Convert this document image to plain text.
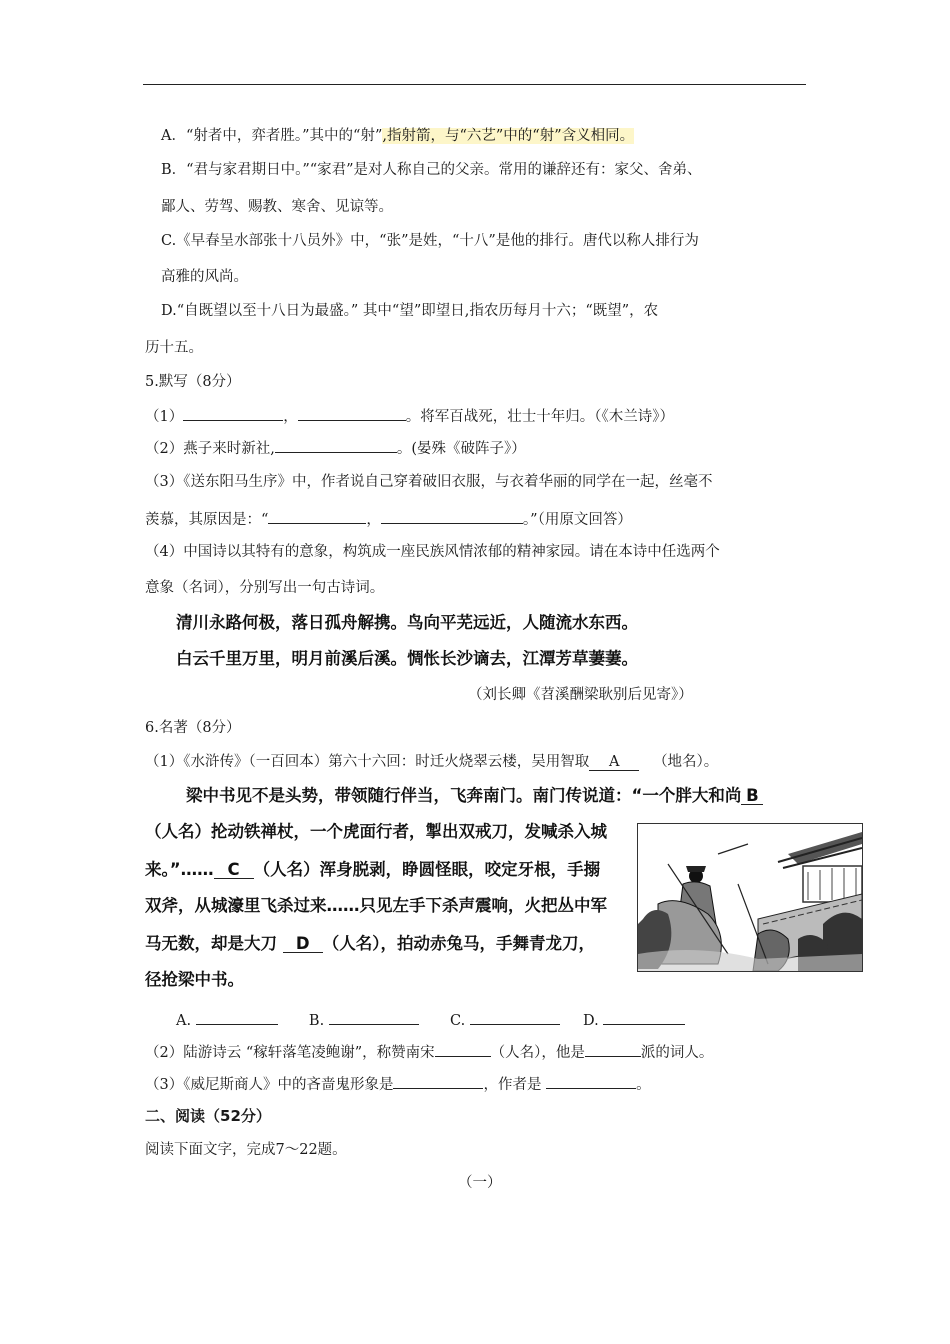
A．“射者中，弈者胜。”其中的“射”,指射箭，与“六艺”中的“射”含义相同。
B．“君与家君期日中。”“家君”是对人称自己的父亲。常用的谦辞还有：家父、舍弟、
鄙人、劳驾、赐教、寒舍、见谅等。
C.《早春呈水部张十八员外》中，“张”是姓，“十八”是他的排行。唐代以称人排行为
高雅的风尚。
D.“自既望以至十八日为最盛。” 其中“望”即望日,指农历每月十六；“既望”，农
历十五。
5.默写（8分）
（1）	，	。将军百战死，壮士十年归。（《木兰诗》）
（2）燕子来时新社,	。(晏殊《破阵子》）
（3）《送东阳马生序》中，作者说自己穿着破旧衣服，与衣着华丽的同学在一起，丝毫不
羡慕，其原因是：“	，	。”（用原文回答）
（4）中国诗以其特有的意象，构筑成一座民族风情浓郁的精神家园。请在本诗中任选两个
意象（名词），分别写出一句古诗词。
清川永路何极，落日孤舟解携。鸟向平芜远近，人随流水东西。
白云千里万里，明月前溪后溪。惆怅长沙谪去，江潭芳草萋萋。
（刘长卿《苕溪酬梁耿别后见寄》）
6.名著（8分）
（1）《水浒传》（一百回本）第六十六回：时迁火烧翠云楼，吴用智取 A （地名）。
梁中书见不是头势，带领随行伴当，飞奔南门。南门传说道：“一个胖大和尚 B
（人名）抡动铁禅杖，一个虎面行者，掣出双戒刀，发喊杀入城
来。”…… C （人名）浑身脱剥，睁圆怪眼，咬定牙根，手搦
双斧，从城濠里飞杀过来……只见左手下杀声震响，火把丛中军
马无数，却是大刀 D （人名），拍动赤兔马，手舞青龙刀，
径抢梁中书。
A.	B.	C.	D.
（2）陆游诗云 “稼轩落笔凌鲍谢”，称赞南宋	（人名），他是	派的词人。
（3）《威尼斯商人》中的吝啬鬼形象是	，作者是	。
二、阅读（52分）
阅读下面文字，完成7～22题。
（一）
